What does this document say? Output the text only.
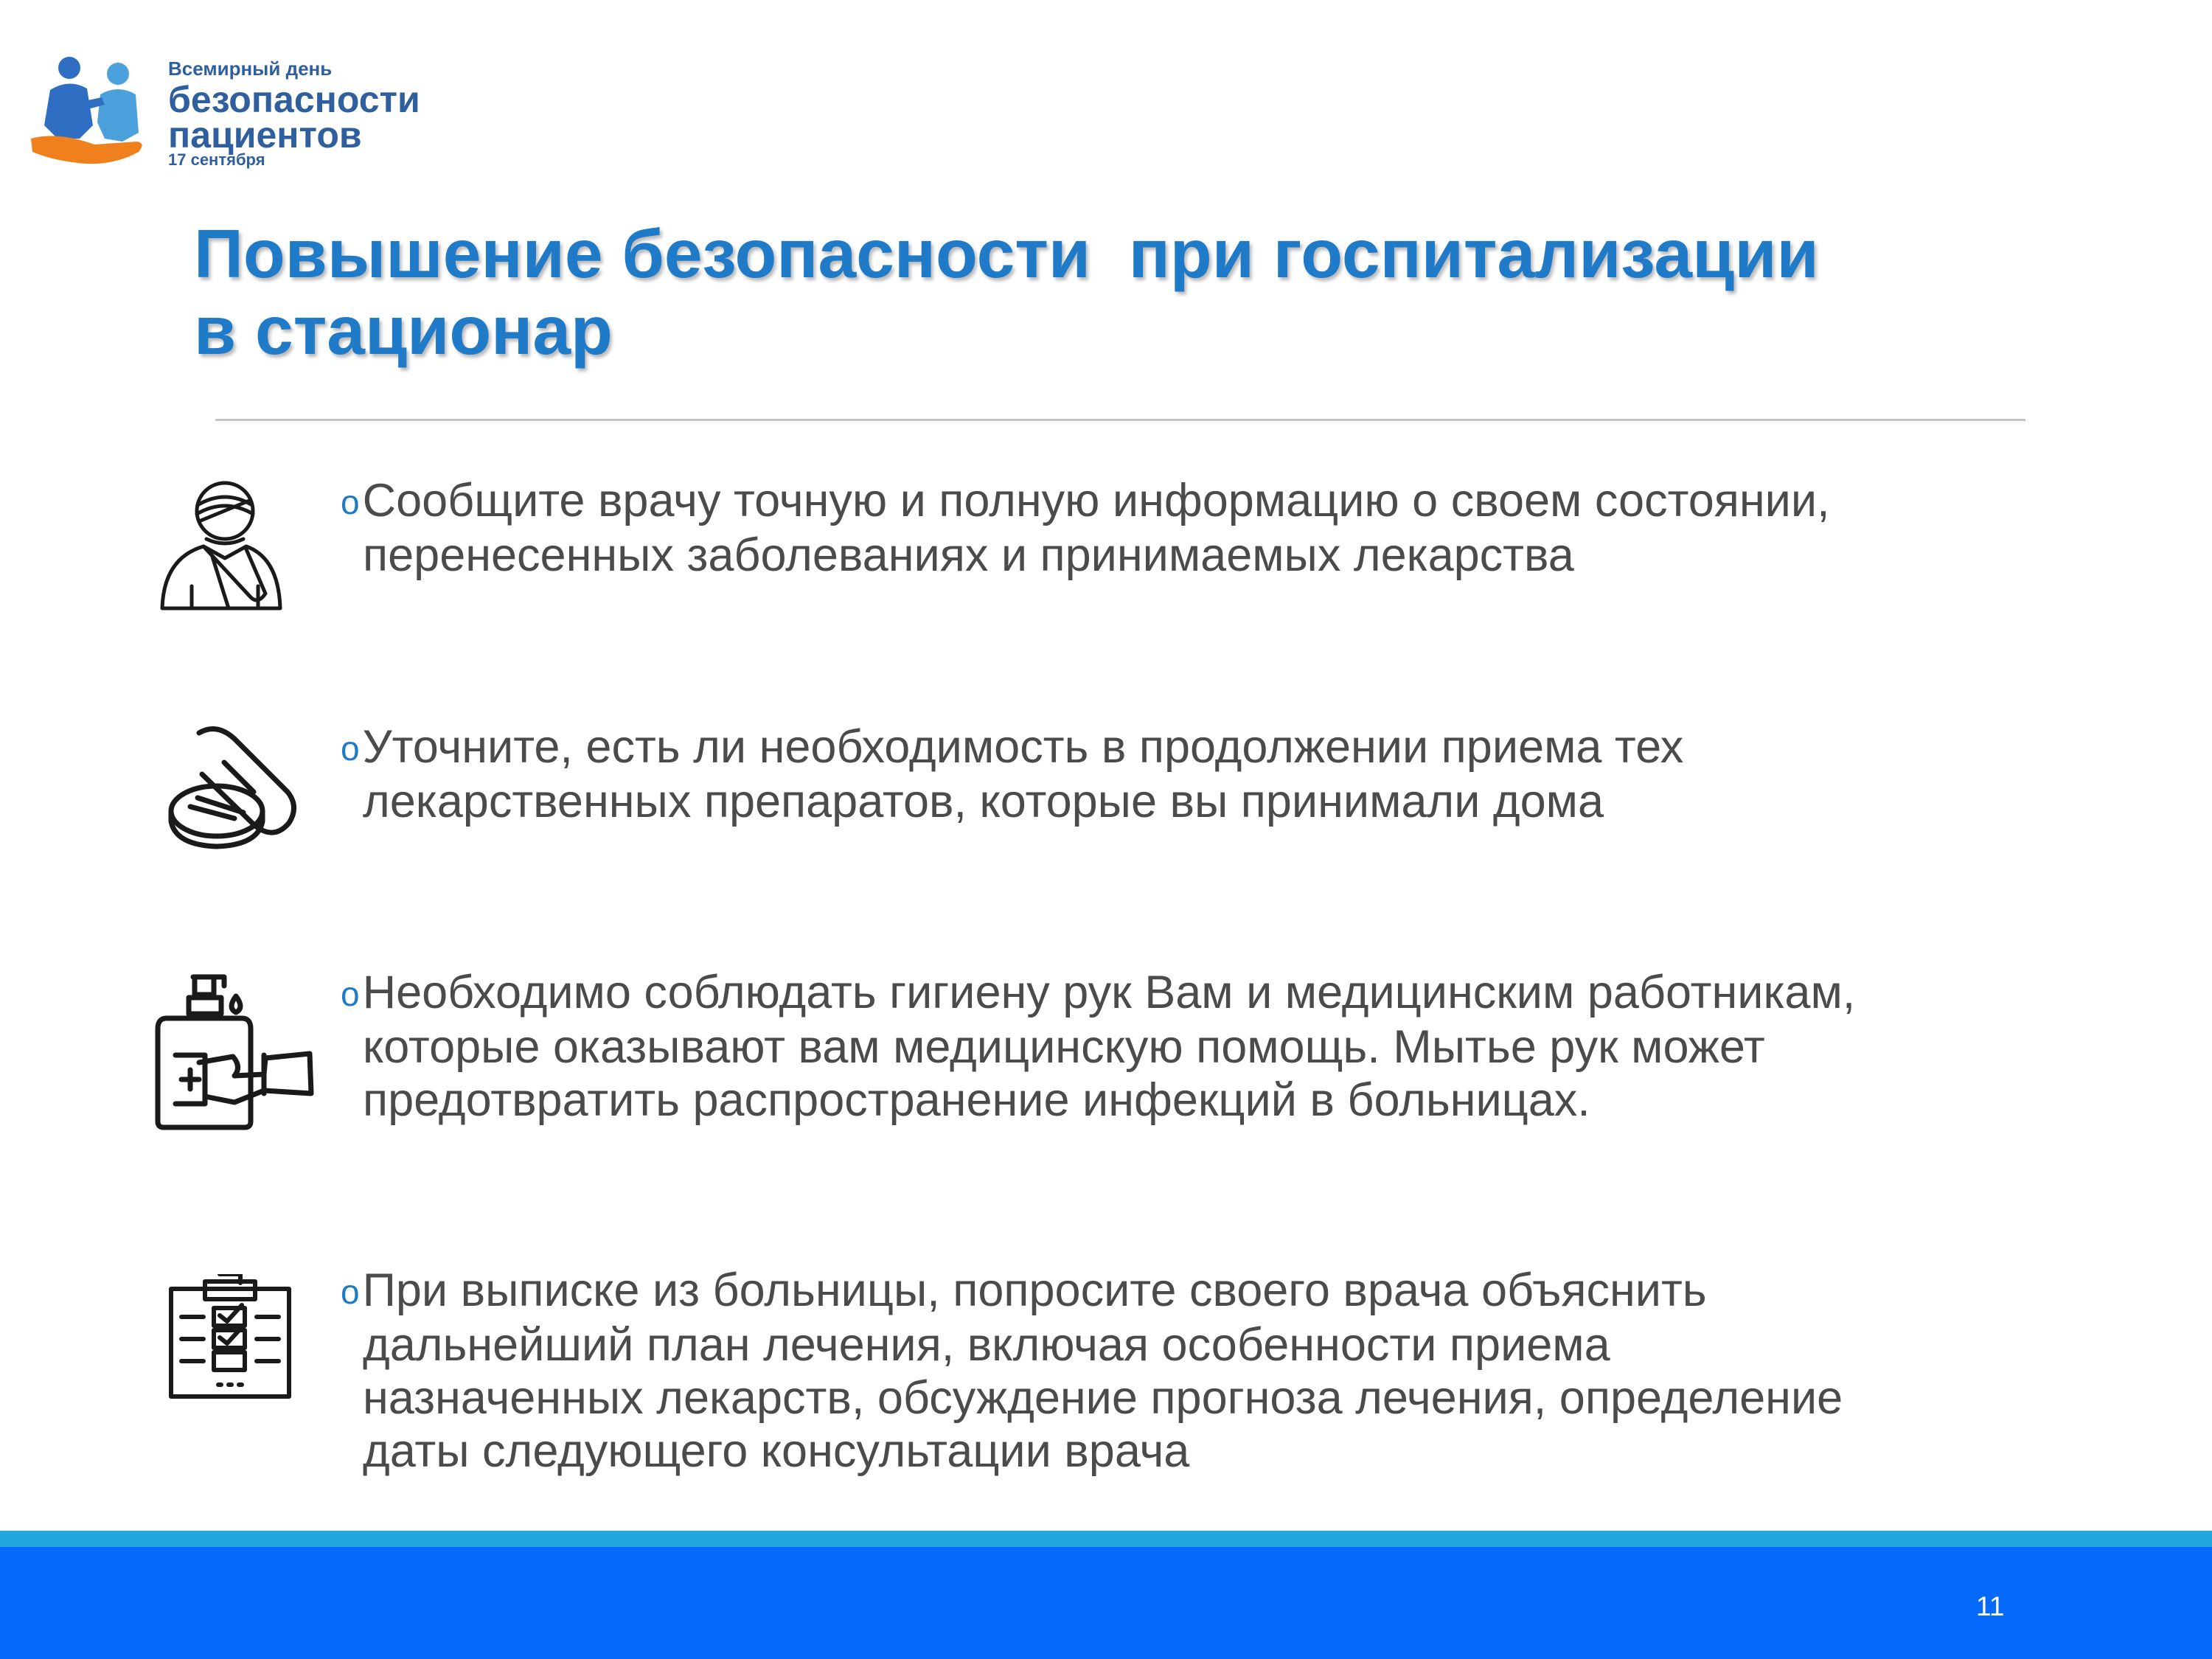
Всемирный день
безопасности
пациентов
17 сентября
Повышение безопасности  при госпитализации
в стационар
oСообщите врачу точную и полную информацию о своем состоянии,
перенесенных заболеваниях и принимаемых лекарства
oУточните, есть ли необходимость в продолжении приема тех
лекарственных препаратов, которые вы принимали дома
oНеобходимо соблюдать гигиену рук Вам и медицинским работникам,
которые оказывают вам медицинскую помощь. Мытье рук может
предотвратить распространение инфекций в больницах.
oПри выписке из больницы, попросите своего врача объяснить
дальнейший план лечения, включая особенности приема
назначенных лекарств, обсуждение прогноза лечения, определение
даты следующего консультации врача
11
